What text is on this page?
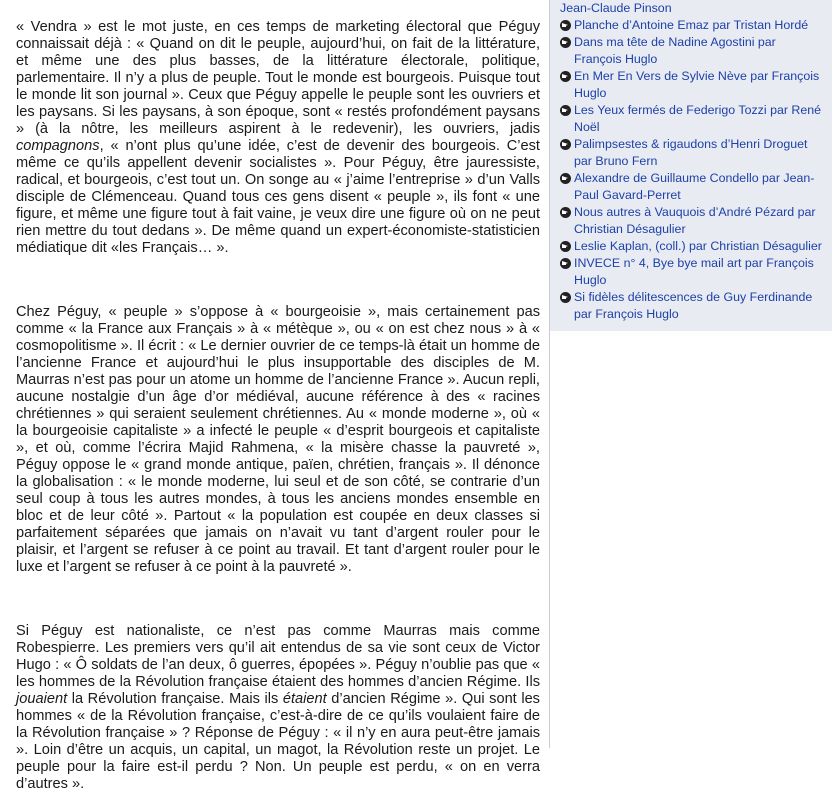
« Vendra » est le mot juste, en ces temps de marketing électoral que Péguy connaissait déjà : « Quand on dit le peuple, aujourd’hui, on fait de la littérature, et même une des plus basses, de la littérature électorale, politique, parlementaire. Il n’y a plus de peuple. Tout le monde est bourgeois. Puisque tout le monde lit son journal ». Ceux que Péguy appelle le peuple sont les ouvriers et les paysans. Si les paysans, à son époque, sont « restés profondément paysans » (à la nôtre, les meilleurs aspirent à le redevenir), les ouvriers, jadis compagnons, « n’ont plus qu’une idée, c’est de devenir des bourgeois. C’est même ce qu’ils appellent devenir socialistes ». Pour Péguy, être jauressiste, radical, et bourgeois, c’est tout un. On songe au « j’aime l’entreprise » d’un Valls disciple de Clémenceau. Quand tous ces gens disent « peuple », ils font « une figure, et même une figure tout à fait vaine, je veux dire une figure où on ne peut rien mettre du tout dedans ». De même quand un expert-économiste-statisticien médiatique dit «les Français… ».

Chez Péguy, « peuple » s’oppose à « bourgeoisie », mais certainement pas comme « la France aux Français » à « métèque », ou « on est chez nous » à « cosmopolitisme ». Il écrit : « Le dernier ouvrier de ce temps-là était un homme de l’ancienne France et aujourd’hui le plus insupportable des disciples de M. Maurras n’est pas pour un atome un homme de l’ancienne France ». Aucun repli, aucune nostalgie d’un âge d’or médiéval, aucune référence à des « racines chrétiennes » qui seraient seulement chrétiennes. Au « monde moderne », où « la bourgeoisie capitaliste » a infecté le peuple « d’esprit bourgeois et capitaliste », et où, comme l’écrira Majid Rahmena, « la misère chasse la pauvreté », Péguy oppose le « grand monde antique, païen, chrétien, français ». Il dénonce la globalisation : « le monde moderne, lui seul et de son côté, se contrarie d’un seul coup à tous les autres mondes, à tous les anciens mondes ensemble en bloc et de leur côté ». Partout « la population est coupée en deux classes si parfaitement séparées que jamais on n’avait vu tant d’argent rouler pour le plaisir, et l’argent se refuser à ce point au travail. Et tant d’argent rouler pour le luxe et l’argent se refuser à ce point à la pauvreté ».

Si Péguy est nationaliste, ce n’est pas comme Maurras mais comme Robespierre. Les premiers vers qu’il ait entendus de sa vie sont ceux de Victor Hugo : « Ô soldats de l’an deux, ô guerres, épopées ». Péguy n’oublie pas que « les hommes de la Révolution française étaient des hommes d’ancien Régime. Ils jouaient la Révolution française. Mais ils étaient d’ancien Régime ». Qui sont les hommes « de la Révolution française, c’est-à-dire de ce qu’ils voulaient faire de la Révolution française » ? Réponse de Péguy : « il n’y en aura peut-être jamais ». Loin d’être un acquis, un capital, un magot, la Révolution reste un projet. Le peuple pour la faire est-il perdu ? Non. Un peuple est perdu, « on en verra d’autres ».

Jean-Claude Pinson
Planche d’Antoine Emaz par Tristan Hordé
Dans ma tête de Nadine Agostini par François Huglo
En Mer En Vers de Sylvie Nève par François Huglo
Les Yeux fermés de Federigo Tozzi par René Noël
Palimpsestes & rigaudons d’Henri Droguet par Bruno Fern
Alexandre de Guillaume Condello par Jean-Paul Gavard-Perret
Nous autres à Vauquois d’André Pézard par Christian Désagulier
Leslie Kaplan, (coll.) par Christian Désagulier
INVECE n° 4, Bye bye mail art par François Huglo
Si fidèles délitescences de Guy Ferdinande par François Huglo
